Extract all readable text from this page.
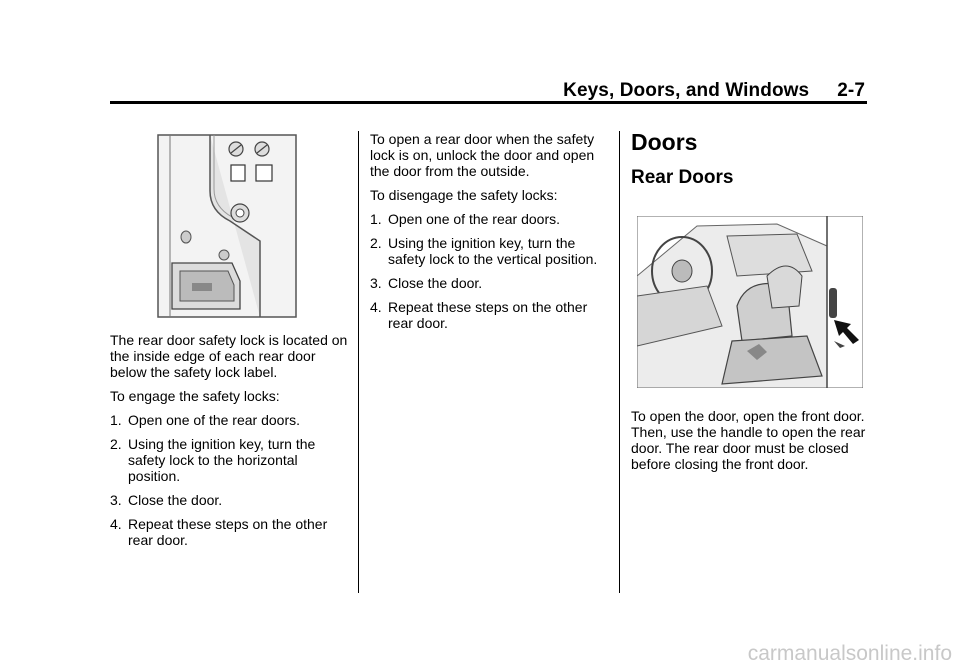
Keys, Doors, and Windows 2-7

The rear door safety lock is located on the inside edge of each rear door below the safety lock label.

To engage the safety locks:

1. Open one of the rear doors.
2. Using the ignition key, turn the safety lock to the horizontal position.
3. Close the door.
4. Repeat these steps on the other rear door.

To open a rear door when the safety lock is on, unlock the door and open the door from the outside.

To disengage the safety locks:

1. Open one of the rear doors.
2. Using the ignition key, turn the safety lock to the vertical position.
3. Close the door.
4. Repeat these steps on the other rear door.
Doors
Rear Doors

To open the door, open the front door. Then, use the handle to open the rear door. The rear door must be closed before closing the front door.

carmanualsonline.info
